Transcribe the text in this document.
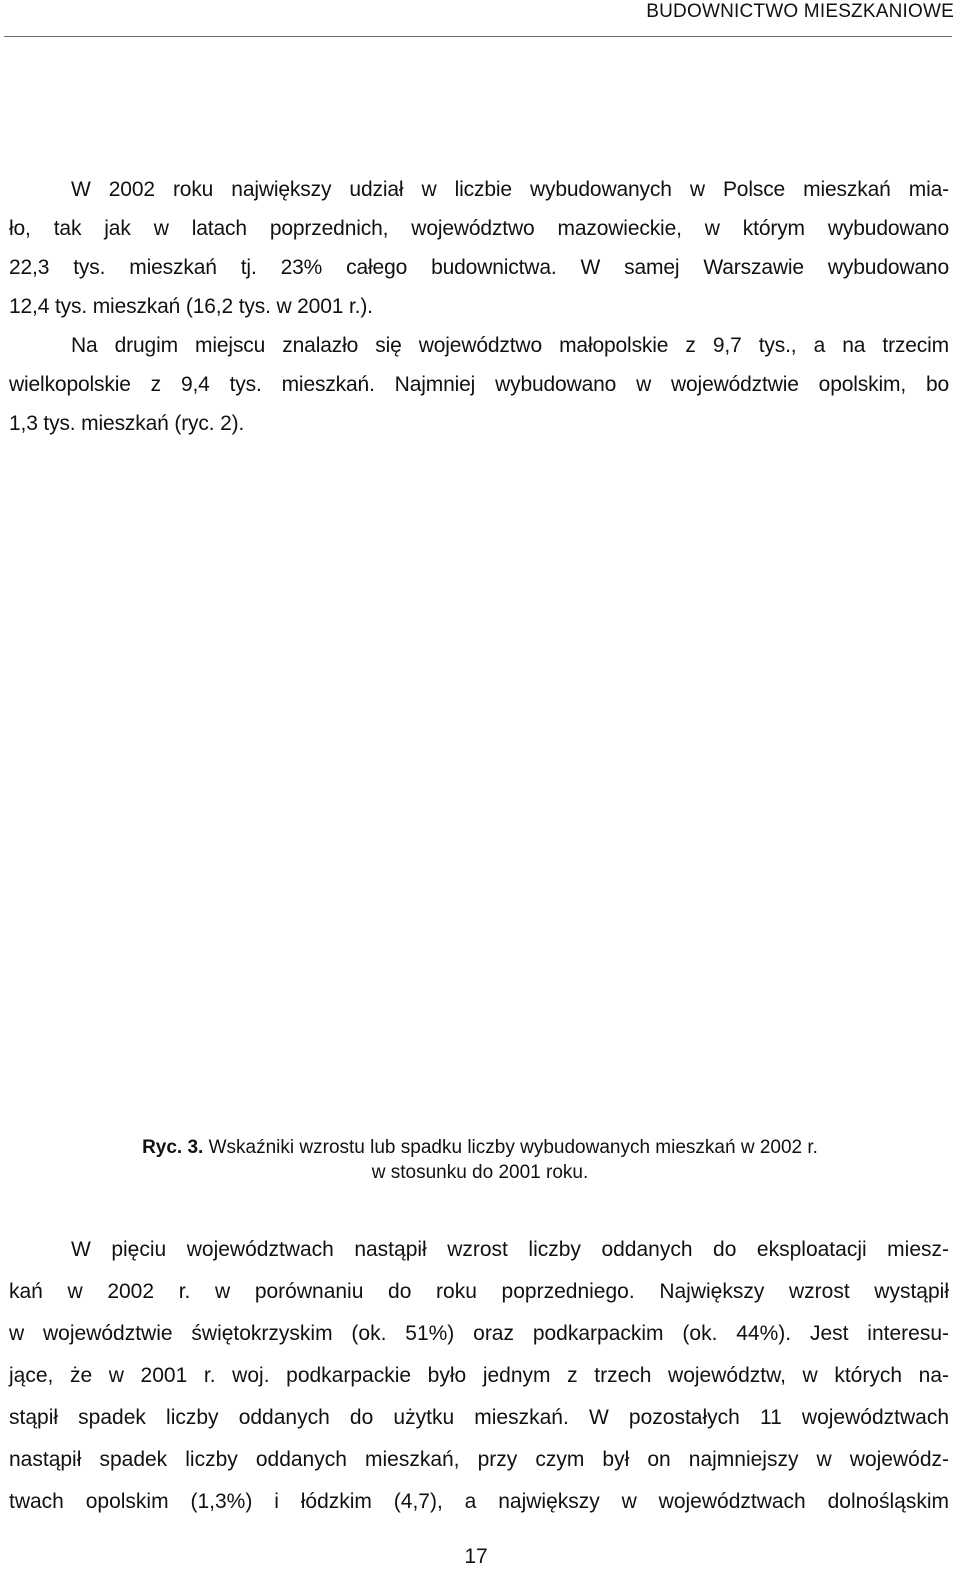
BUDOWNICTWO MIESZKANIOWE
W 2002 roku największy udział w liczbie wybudowanych w Polsce mieszkań mia-
ło, tak jak w latach poprzednich, województwo mazowieckie, w którym wybudowano
22,3 tys. mieszkań tj. 23% całego budownictwa. W samej Warszawie wybudowano
12,4 tys. mieszkań (16,2 tys. w 2001 r.).
Na drugim miejscu znalazło się województwo małopolskie z 9,7 tys., a na trzecim
wielkopolskie z 9,4 tys. mieszkań. Najmniej wybudowano w województwie opolskim, bo
1,3 tys. mieszkań (ryc. 2).
Ryc. 3. Wskaźniki wzrostu lub spadku liczby wybudowanych mieszkań w 2002 r.
w stosunku do 2001 roku.
W pięciu województwach nastąpił wzrost liczby oddanych do eksploatacji miesz-
kań w 2002 r. w porównaniu do roku poprzedniego. Największy wzrost wystąpił
w województwie świętokrzyskim (ok. 51%) oraz podkarpackim (ok. 44%). Jest interesu-
jące, że w 2001 r. woj. podkarpackie było jednym z trzech województw, w których na-
stąpił spadek liczby oddanych do użytku mieszkań. W pozostałych 11 województwach
nastąpił spadek liczby oddanych mieszkań, przy czym był on najmniejszy w wojewódz-
twach opolskim (1,3%) i łódzkim (4,7), a największy w województwach dolnośląskim
17
